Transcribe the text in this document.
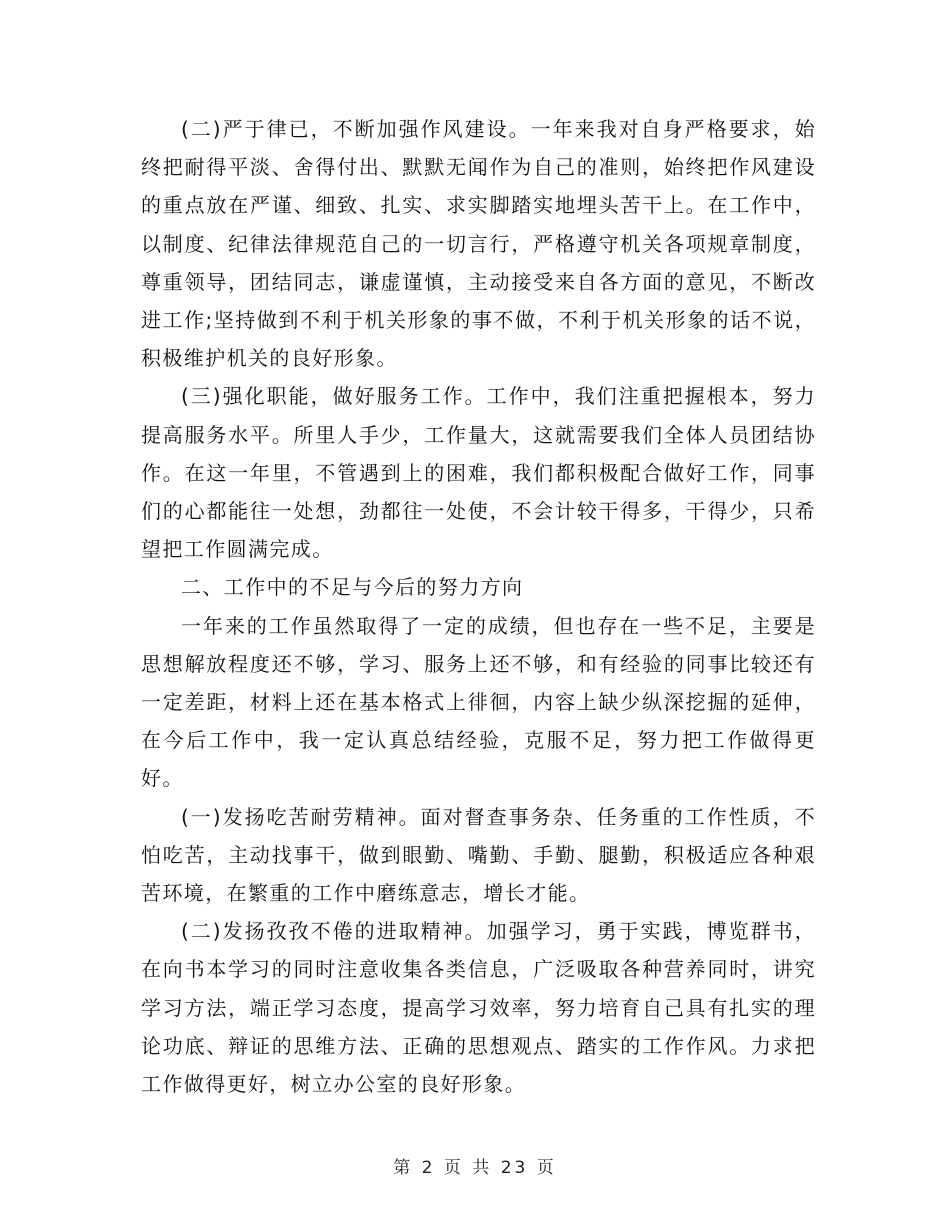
(二)严于律已，不断加强作风建设。一年来我对自身严格要求，始终把耐得平淡、舍得付出、默默无闻作为自己的准则，始终把作风建设的重点放在严谨、细致、扎实、求实脚踏实地埋头苦干上。在工作中，以制度、纪律法律规范自己的一切言行，严格遵守机关各项规章制度，尊重领导，团结同志，谦虚谨慎，主动接受来自各方面的意见，不断改进工作;坚持做到不利于机关形象的事不做，不利于机关形象的话不说，积极维护机关的良好形象。

(三)强化职能，做好服务工作。工作中，我们注重把握根本，努力提高服务水平。所里人手少，工作量大，这就需要我们全体人员团结协作。在这一年里，不管遇到上的困难，我们都积极配合做好工作，同事们的心都能往一处想，劲都往一处使，不会计较干得多，干得少，只希望把工作圆满完成。

二、工作中的不足与今后的努力方向

一年来的工作虽然取得了一定的成绩，但也存在一些不足，主要是思想解放程度还不够，学习、服务上还不够，和有经验的同事比较还有一定差距，材料上还在基本格式上徘徊，内容上缺少纵深挖掘的延伸，在今后工作中，我一定认真总结经验，克服不足，努力把工作做得更好。

(一)发扬吃苦耐劳精神。面对督查事务杂、任务重的工作性质，不怕吃苦，主动找事干，做到眼勤、嘴勤、手勤、腿勤，积极适应各种艰苦环境，在繁重的工作中磨练意志，增长才能。

(二)发扬孜孜不倦的进取精神。加强学习，勇于实践，博览群书，在向书本学习的同时注意收集各类信息，广泛吸取各种营养同时，讲究学习方法，端正学习态度，提高学习效率，努力培育自己具有扎实的理论功底、辩证的思维方法、正确的思想观点、踏实的工作作风。力求把工作做得更好，树立办公室的良好形象。

第 2 页 共 23 页
